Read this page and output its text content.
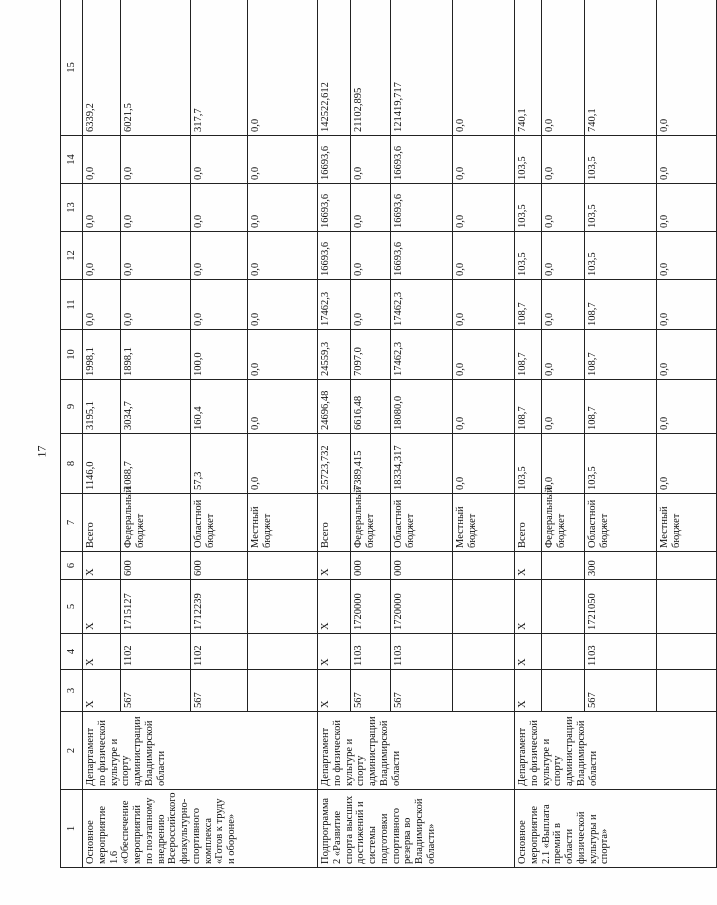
17
1	2	3	4	5	6	7	8	9	10	11	12	13	14	15
Основное мероприятие 1.6 «Обеспечение мероприятий по поэтапному внедрению Всероссийского физкультурно-спортивного комплекса «Готов к труду и обороне»	Департамент по физической культуре и спорту администрации Владимирской области	X	X	X	X	Всего	1146,0	3195,1	1998,1	0,0	0,0	0,0	0,0	6339,2
		567	1102	1715127	600	Федеральный бюджет	1088,7	3034,7	1898,1	0,0	0,0	0,0	0,0	6021,5
		567	1102	1712239	600	Областной бюджет	57,3	160,4	100,0	0,0	0,0	0,0	0,0	317,7
						Местный бюджет	0,0	0,0	0,0	0,0	0,0	0,0	0,0	0,0
Подпрограмма 2 «Развитие спорта высших достижений и системы подготовки спортивного резерва во Владимирской области»	Департамент по физической культуре и спорту администрации Владимирской области	X	X	X	X	Всего	25723,732	24696,48	24559,3	17462,3	16693,6	16693,6	16693,6	142522,612
		567	1103	1720000	000	Федеральный бюджет	7389,415	6616,48	7097,0	0,0	0,0	0,0	0,0	21102,895
		567	1103	1720000	000	Областной бюджет	18334,317	18080,0	17462,3	17462,3	16693,6	16693,6	16693,6	121419,717
						Местный бюджет	0,0	0,0	0,0	0,0	0,0	0,0	0,0	0,0
Основное мероприятие 2.1 «Выплата премий в области физической культуры и спорта»	Департамент по физической культуре и спорту администрации Владимирской области	X	X	X	X	Всего	103,5	108,7	108,7	108,7	103,5	103,5	103,5	740,1
						Федеральный бюджет	0,0	0,0	0,0	0,0	0,0	0,0	0,0	0,0
		567	1103	1721050	300	Областной бюджет	103,5	108,7	108,7	108,7	103,5	103,5	103,5	740,1
						Местный бюджет	0,0	0,0	0,0	0,0	0,0	0,0	0,0	0,0
